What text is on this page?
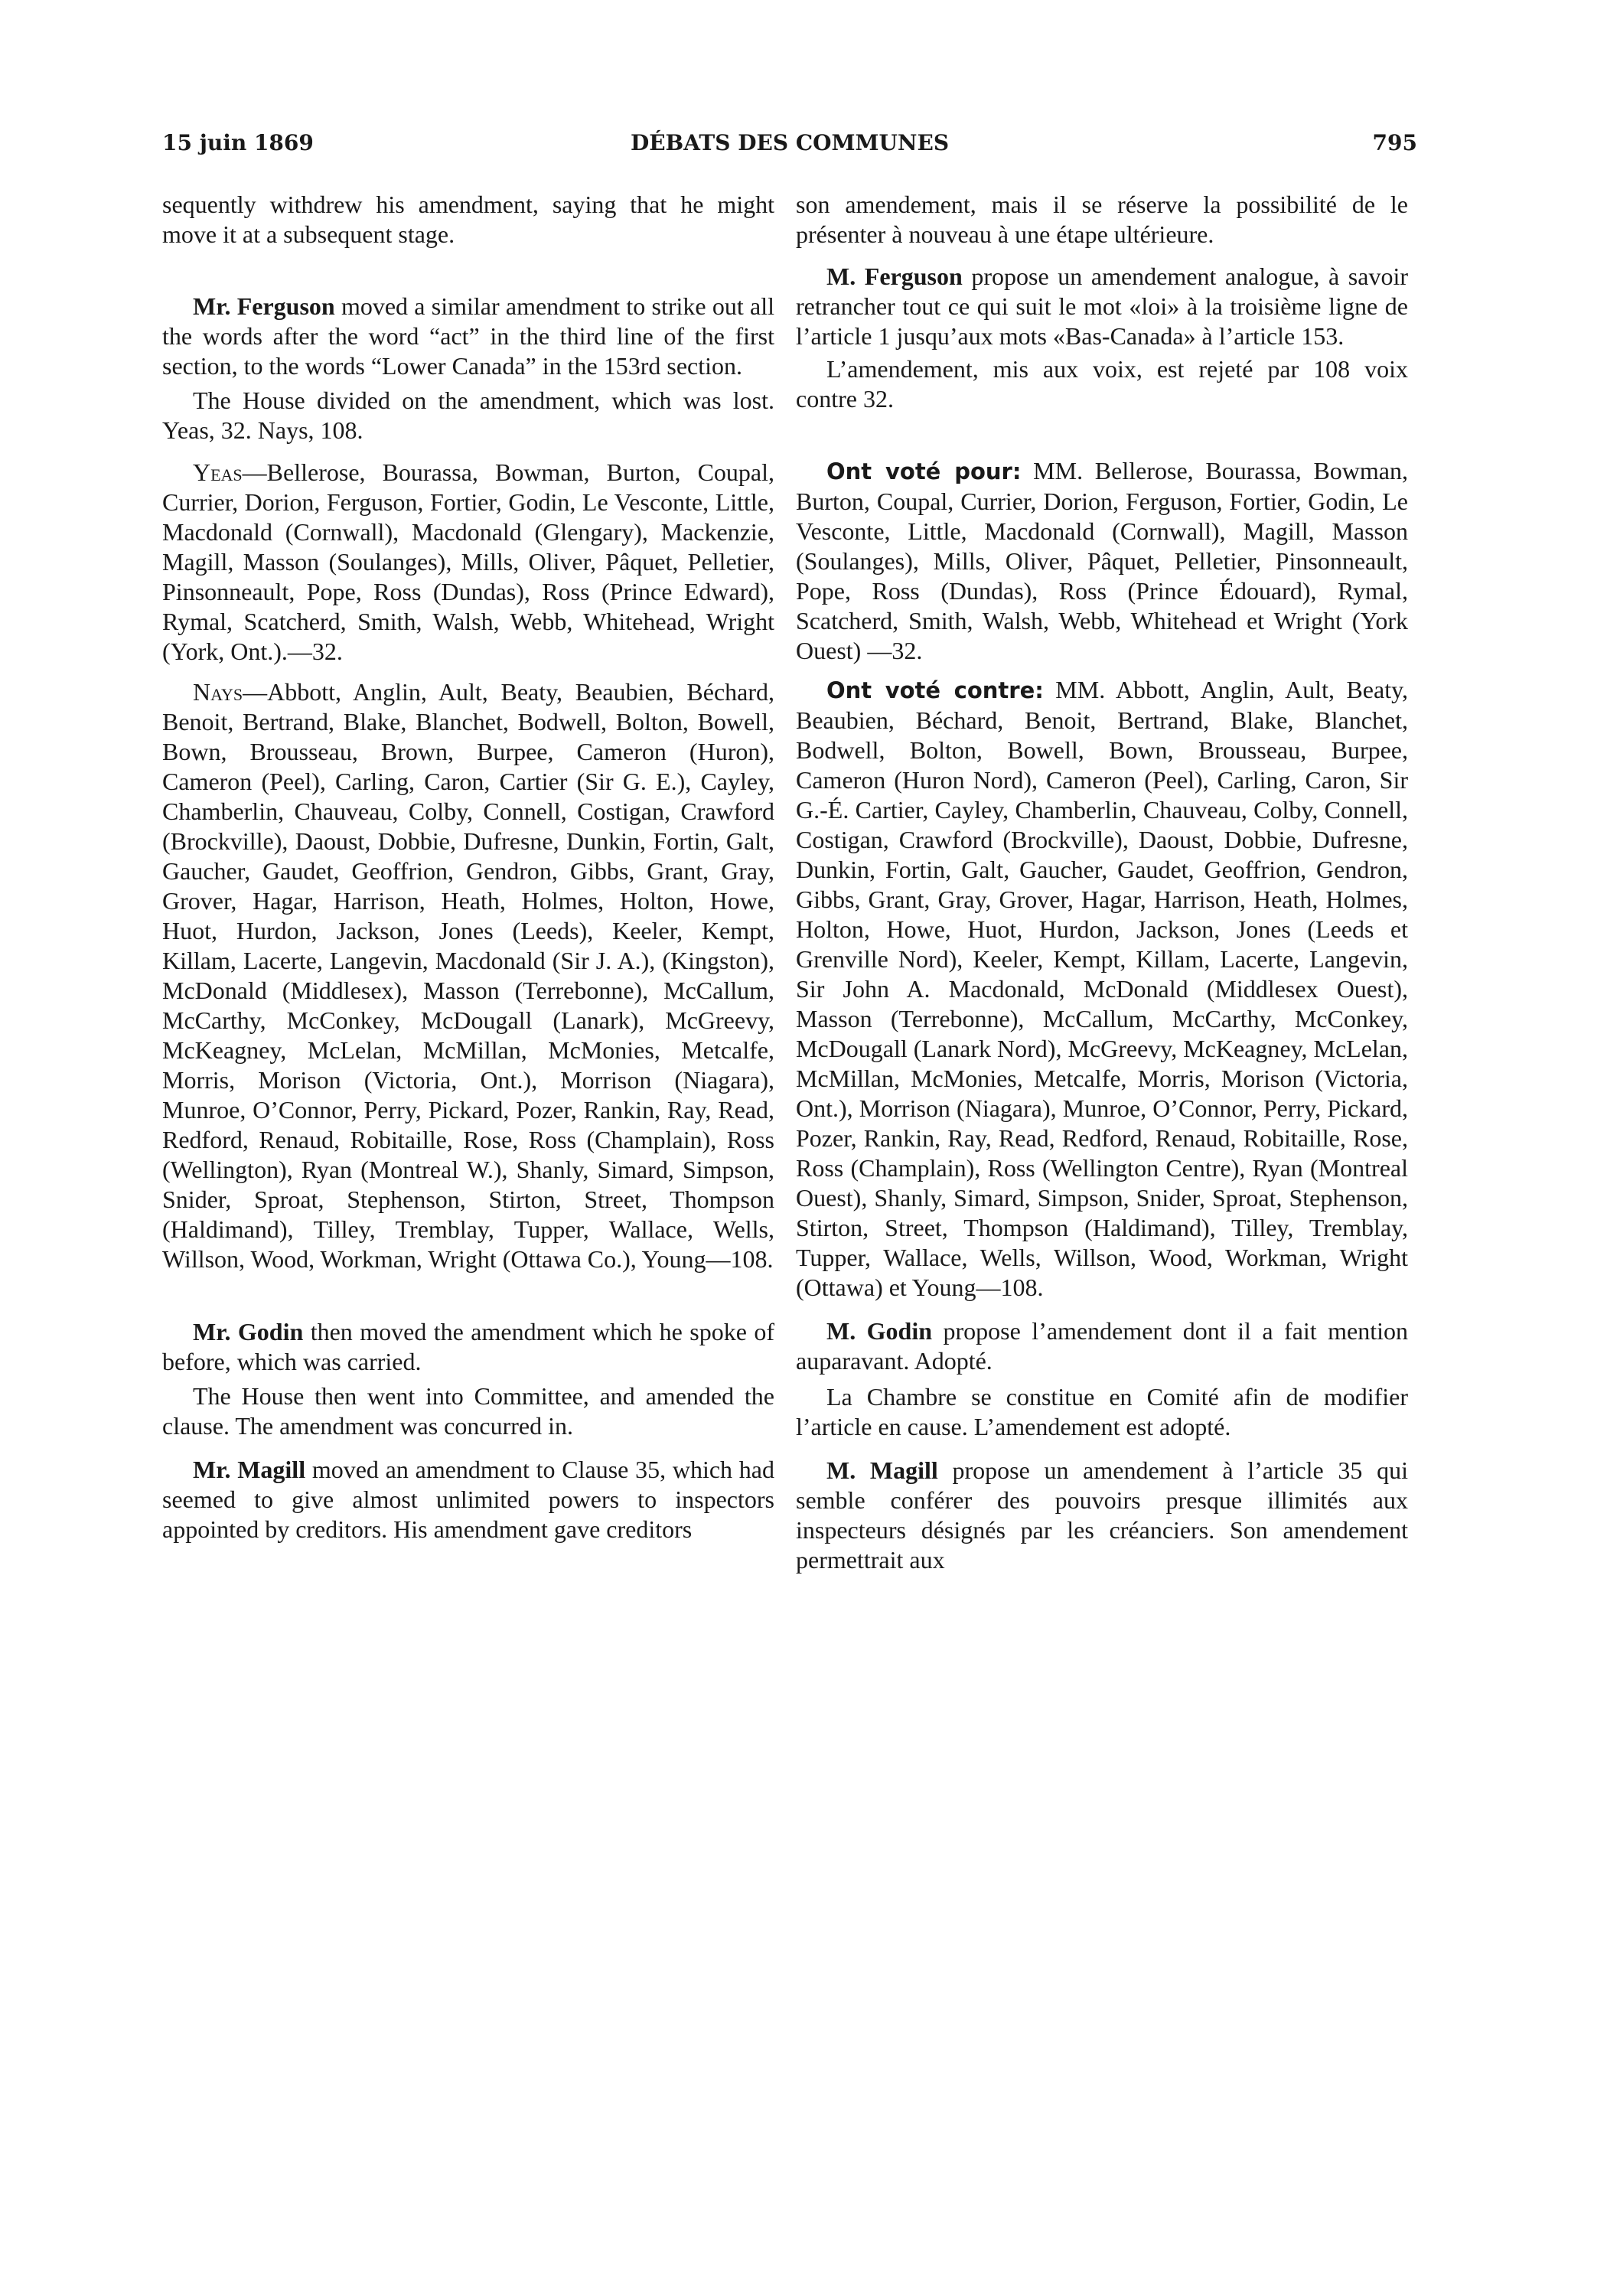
15 juin 1869	DÉBATS DES COMMUNES	795

sequently withdrew his amendment, saying that he might move it at a subsequent stage.

Mr. Ferguson moved a similar amendment to strike out all the words after the word “act” in the third line of the first section, to the words “Lower Canada” in the 153rd section.

The House divided on the amendment, which was lost. Yeas, 32. Nays, 108.

Yeas—Bellerose, Bourassa, Bowman, Burton, Coupal, Currier, Dorion, Ferguson, Fortier, Godin, Le Vesconte, Little, Macdonald (Cornwall), Macdonald (Glengary), Mackenzie, Magill, Masson (Soulanges), Mills, Oliver, Pâquet, Pelletier, Pinsonneault, Pope, Ross (Dundas), Ross (Prince Edward), Rymal, Scatcherd, Smith, Walsh, Webb, Whitehead, Wright (York, Ont.).—32.

Nays—Abbott, Anglin, Ault, Beaty, Beaubien, Béchard, Benoit, Bertrand, Blake, Blanchet, Bodwell, Bolton, Bowell, Bown, Brousseau, Brown, Burpee, Cameron (Huron), Cameron (Peel), Carling, Caron, Cartier (Sir G. E.), Cayley, Chamberlin, Chauveau, Colby, Connell, Costigan, Crawford (Brockville), Daoust, Dobbie, Dufresne, Dunkin, Fortin, Galt, Gaucher, Gaudet, Geoffrion, Gendron, Gibbs, Grant, Gray, Grover, Hagar, Harrison, Heath, Holmes, Holton, Howe, Huot, Hurdon, Jackson, Jones (Leeds), Keeler, Kempt, Killam, Lacerte, Langevin, Macdonald (Sir J. A.), (Kingston), McDonald (Middlesex), Masson (Terrebonne), McCallum, McCarthy, McConkey, McDougall (Lanark), McGreevy, McKeagney, McLelan, McMillan, McMonies, Metcalfe, Morris, Morison (Victoria, Ont.), Morrison (Niagara), Munroe, O’Connor, Perry, Pickard, Pozer, Rankin, Ray, Read, Redford, Renaud, Robitaille, Rose, Ross (Champlain), Ross (Wellington), Ryan (Montreal W.), Shanly, Simard, Simpson, Snider, Sproat, Stephenson, Stirton, Street, Thompson (Haldimand), Tilley, Tremblay, Tupper, Wallace, Wells, Willson, Wood, Workman, Wright (Ottawa Co.), Young—108.

Mr. Godin then moved the amendment which he spoke of before, which was carried.

The House then went into Committee, and amended the clause. The amendment was concurred in.

Mr. Magill moved an amendment to Clause 35, which had seemed to give almost unlimited powers to inspectors appointed by creditors. His amendment gave creditors

son amendement, mais il se réserve la possibilité de le présenter à nouveau à une étape ultérieure.

M. Ferguson propose un amendement analogue, à savoir retrancher tout ce qui suit le mot «loi» à la troisième ligne de l’article 1 jusqu’aux mots «Bas-Canada» à l’article 153.

L’amendement, mis aux voix, est rejeté par 108 voix contre 32.

Ont voté pour: MM. Bellerose, Bourassa, Bowman, Burton, Coupal, Currier, Dorion, Ferguson, Fortier, Godin, Le Vesconte, Little, Macdonald (Cornwall), Magill, Masson (Soulanges), Mills, Oliver, Pâquet, Pelletier, Pinsonneault, Pope, Ross (Dundas), Ross (Prince Édouard), Rymal, Scatcherd, Smith, Walsh, Webb, Whitehead et Wright (York Ouest) —32.

Ont voté contre: MM. Abbott, Anglin, Ault, Beaty, Beaubien, Béchard, Benoit, Bertrand, Blake, Blanchet, Bodwell, Bolton, Bowell, Bown, Brousseau, Burpee, Cameron (Huron Nord), Cameron (Peel), Carling, Caron, Sir G.-É. Cartier, Cayley, Chamberlin, Chauveau, Colby, Connell, Costigan, Crawford (Brockville), Daoust, Dobbie, Dufresne, Dunkin, Fortin, Galt, Gaucher, Gaudet, Geoffrion, Gendron, Gibbs, Grant, Gray, Grover, Hagar, Harrison, Heath, Holmes, Holton, Howe, Huot, Hurdon, Jackson, Jones (Leeds et Grenville Nord), Keeler, Kempt, Killam, Lacerte, Langevin, Sir John A. Macdonald, McDonald (Middlesex Ouest), Masson (Terrebonne), McCallum, McCarthy, McConkey, McDougall (Lanark Nord), McGreevy, McKeagney, McLelan, McMillan, McMonies, Metcalfe, Morris, Morison (Victoria, Ont.), Morrison (Niagara), Munroe, O’Connor, Perry, Pickard, Pozer, Rankin, Ray, Read, Redford, Renaud, Robitaille, Rose, Ross (Champlain), Ross (Wellington Centre), Ryan (Montreal Ouest), Shanly, Simard, Simpson, Snider, Sproat, Stephenson, Stirton, Street, Thompson (Haldimand), Tilley, Tremblay, Tupper, Wallace, Wells, Willson, Wood, Workman, Wright (Ottawa) et Young—108.

M. Godin propose l’amendement dont il a fait mention auparavant. Adopté.

La Chambre se constitue en Comité afin de modifier l’article en cause. L’amendement est adopté.

M. Magill propose un amendement à l’article 35 qui semble conférer des pouvoirs presque illimités aux inspecteurs désignés par les créanciers. Son amendement permettrait aux
